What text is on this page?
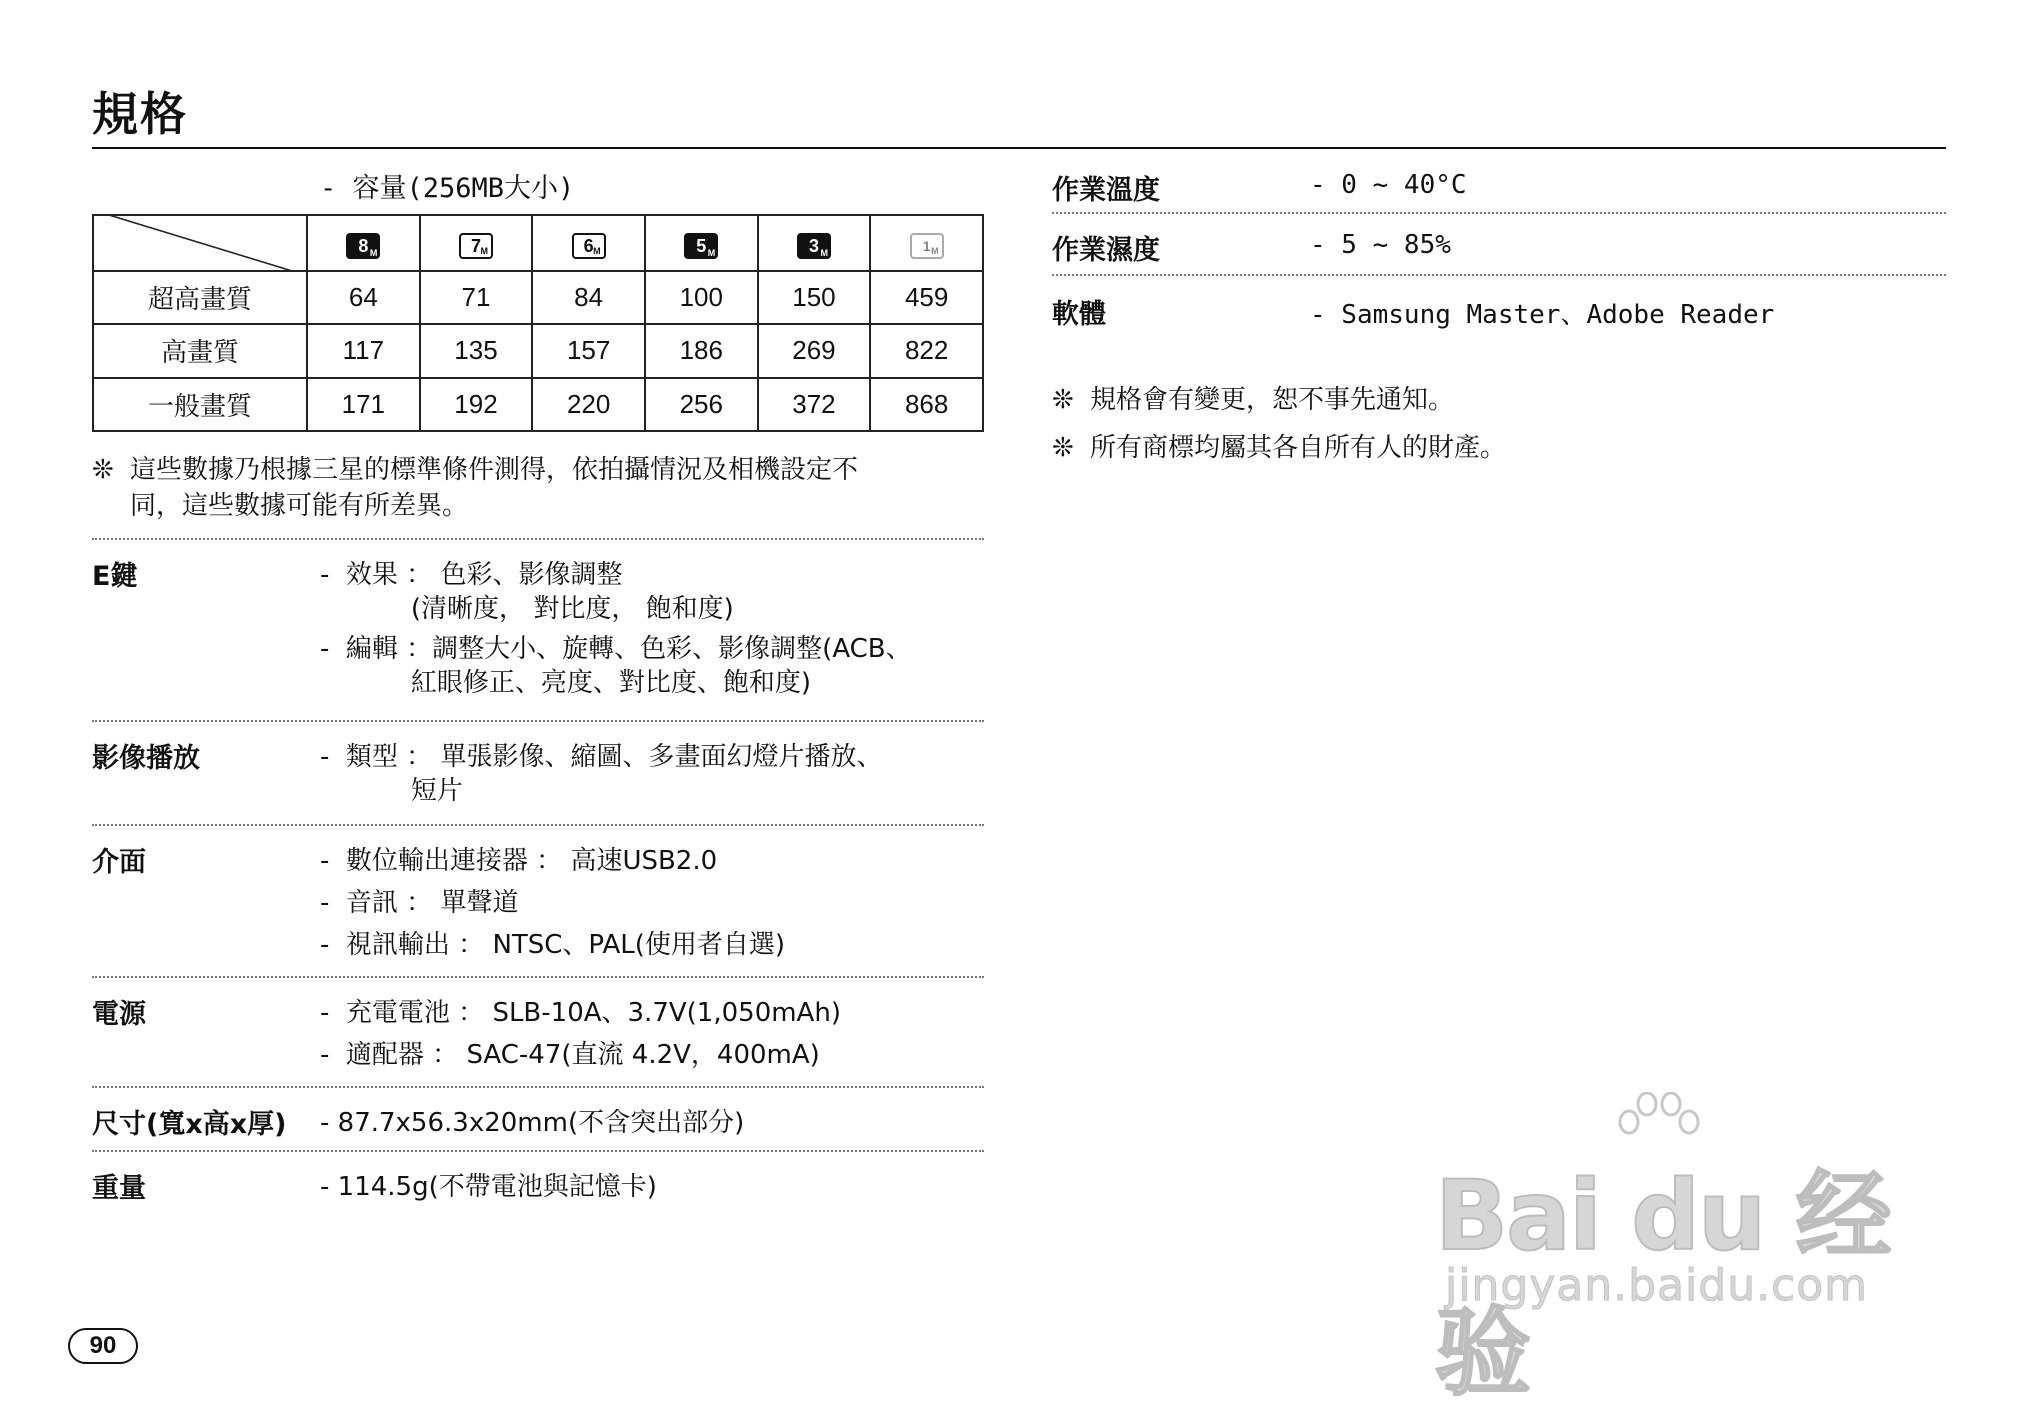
規格
- 容量(256MB大小)
	8 M	7 M	6 M	5 M	3 M	1 M

超高畫質	64	71	84	100	150	459
高畫質	117	135	157	186	269	822
一般畫質	171	192	220	256	372	868
❊ 這些數據乃根據三星的標準條件測得，依拍攝情況及相機設定不
同，這些數據可能有所差異。
E鍵	-  效果 ： 色彩、影像調整
(清晰度， 對比度， 飽和度)
-  編輯 ：調整大小、旋轉、色彩、影像調整(ACB、
紅眼修正、亮度、對比度、飽和度)
影像播放	-  類型 ： 單張影像、縮圖、多畫面幻燈片播放、
短片
介面	-  數位輸出連接器 ： 高速USB2.0
-  音訊 ： 單聲道
-  視訊輸出 ： NTSC、PAL(使用者自選)
電源	-  充電電池 ： SLB-10A、3.7V(1,050mAh)
-  適配器 ： SAC-47(直流 4.2V，400mA)
尺寸(寬x高x厚) - 87.7x56.3x20mm(不含突出部分)
重量	- 114.5g(不帶電池與記憶卡)
作業溫度	- 0 ~ 40°C
作業濕度	- 5 ~ 85%
軟體	- Samsung Master、Adobe Reader
❊ 規格會有變更，恕不事先通知。
❊ 所有商標均屬其各自所有人的財產。
90
Bai du 经验
jingyan.baidu.com
